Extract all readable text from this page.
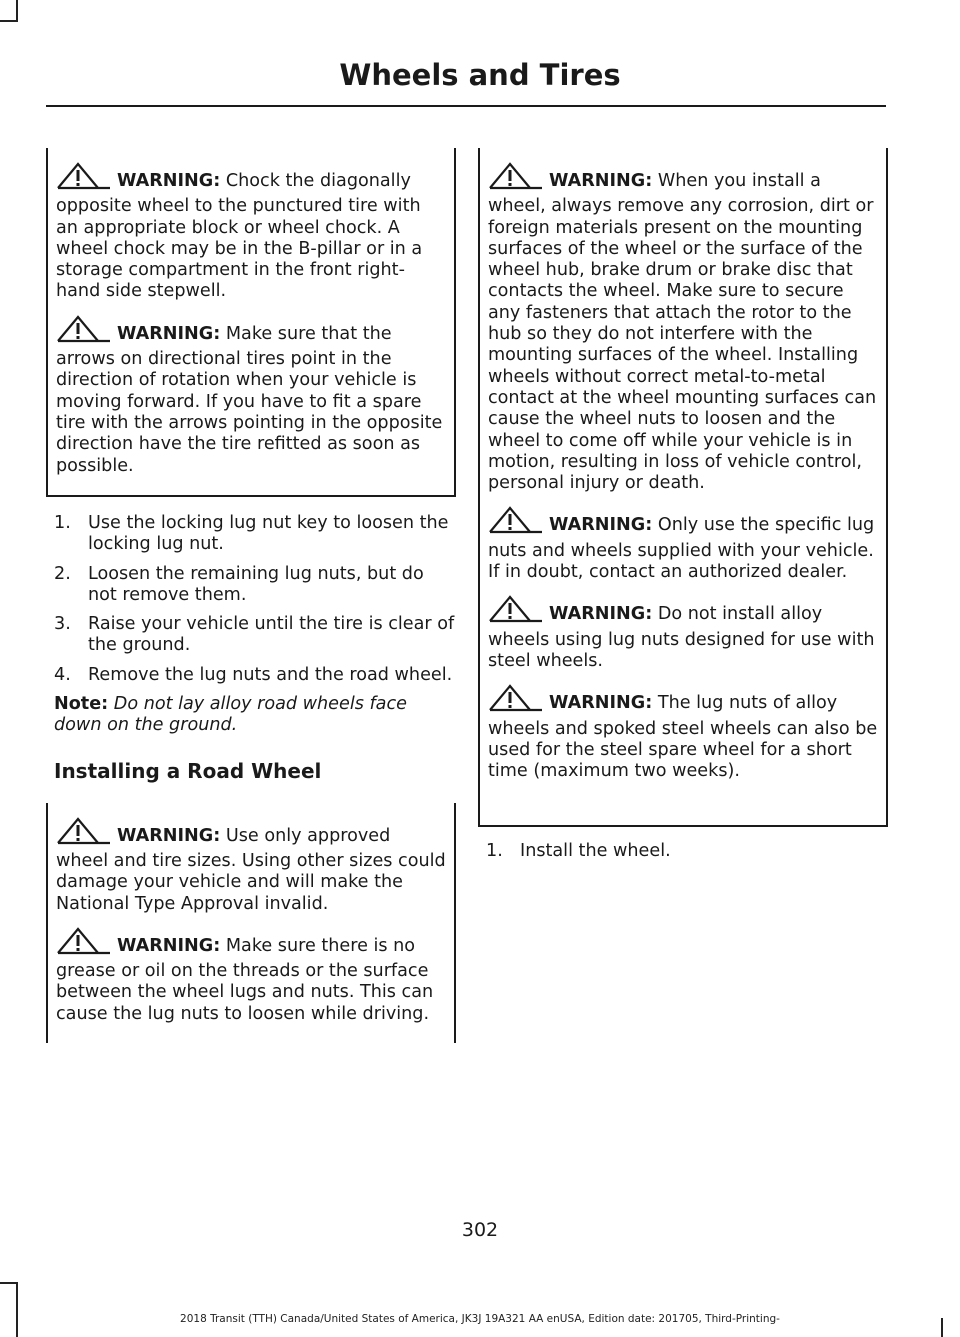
Wheels and Tires
WARNING: Chock the diagonally opposite wheel to the punctured tire with an appropriate block or wheel chock. A wheel chock may be in the B-pillar or in a storage compartment in the front right-hand side stepwell.
WARNING: Make sure that the arrows on directional tires point in the direction of rotation when your vehicle is moving forward. If you have to fit a spare tire with the arrows pointing in the opposite direction have the tire refitted as soon as possible.
1. Use the locking lug nut key to loosen the locking lug nut.
2. Loosen the remaining lug nuts, but do not remove them.
3. Raise your vehicle until the tire is clear of the ground.
4. Remove the lug nuts and the road wheel.
Note: Do not lay alloy road wheels face down on the ground.
Installing a Road Wheel
WARNING: Use only approved wheel and tire sizes. Using other sizes could damage your vehicle and will make the National Type Approval invalid.
WARNING: Make sure there is no grease or oil on the threads or the surface between the wheel lugs and nuts. This can cause the lug nuts to loosen while driving.
WARNING: When you install a wheel, always remove any corrosion, dirt or foreign materials present on the mounting surfaces of the wheel or the surface of the wheel hub, brake drum or brake disc that contacts the wheel. Make sure to secure any fasteners that attach the rotor to the hub so they do not interfere with the mounting surfaces of the wheel. Installing wheels without correct metal-to-metal contact at the wheel mounting surfaces can cause the wheel nuts to loosen and the wheel to come off while your vehicle is in motion, resulting in loss of vehicle control, personal injury or death.
WARNING: Only use the specific lug nuts and wheels supplied with your vehicle. If in doubt, contact an authorized dealer.
WARNING: Do not install alloy wheels using lug nuts designed for use with steel wheels.
WARNING: The lug nuts of alloy wheels and spoked steel wheels can also be used for the steel spare wheel for a short time (maximum two weeks).
1. Install the wheel.
302
2018 Transit (TTH) Canada/United States of America, JK3J 19A321 AA enUSA, Edition date: 201705, Third-Printing-
